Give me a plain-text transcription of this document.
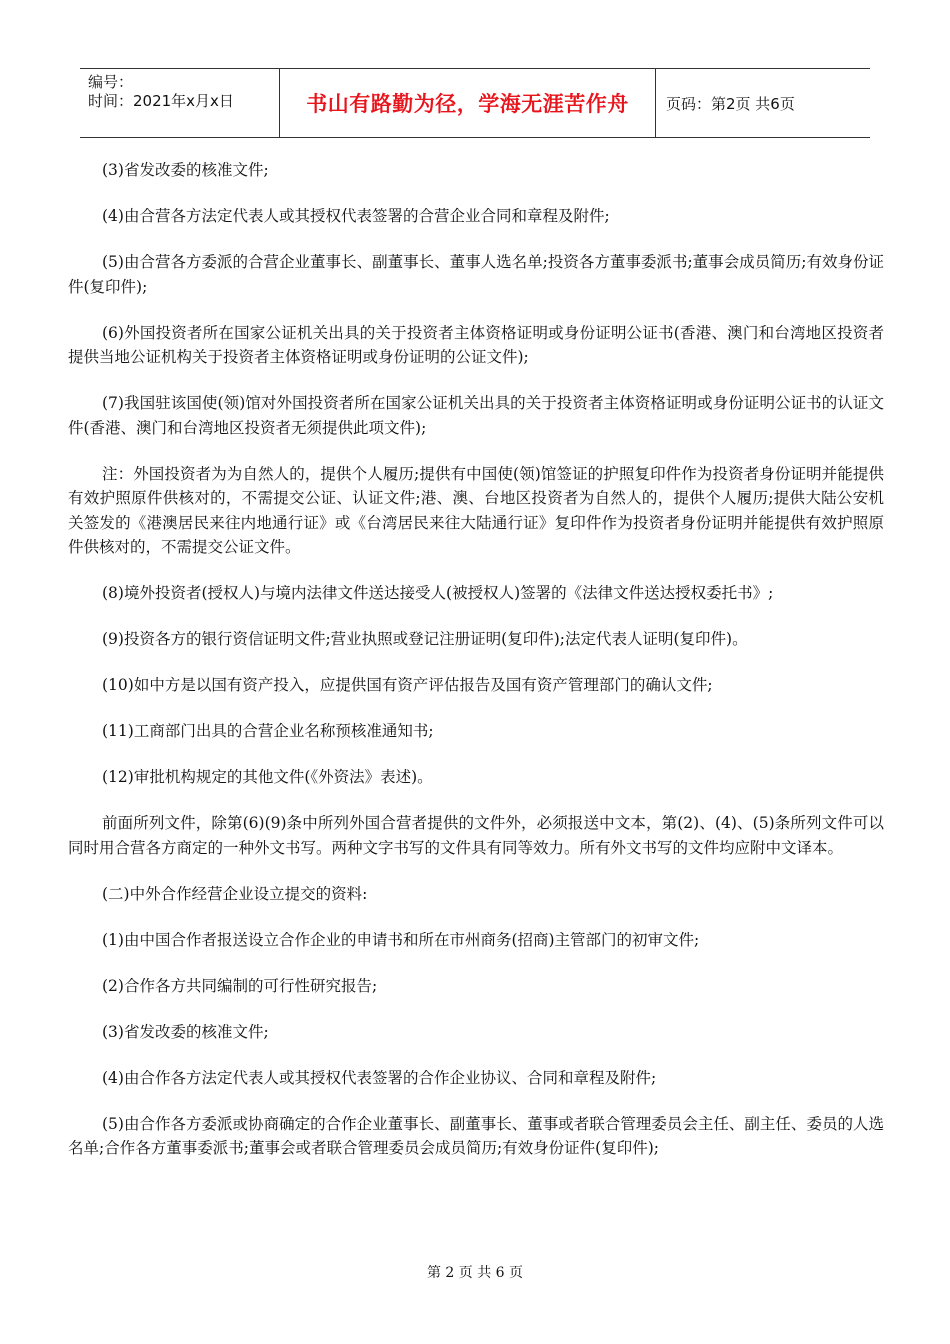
编号：
时间：2021年x月x日	书山有路勤为径，学海无涯苦作舟	页码：第2页 共6页

(3)省发改委的核准文件;

(4)由合营各方法定代表人或其授权代表签署的合营企业合同和章程及附件;

(5)由合营各方委派的合营企业董事长、副董事长、董事人选名单;投资各方董事委派书;董事会成员简历;有效身份证件(复印件);

(6)外国投资者所在国家公证机关出具的关于投资者主体资格证明或身份证明公证书(香港、澳门和台湾地区投资者提供当地公证机构关于投资者主体资格证明或身份证明的公证文件);

(7)我国驻该国使(领)馆对外国投资者所在国家公证机关出具的关于投资者主体资格证明或身份证明公证书的认证文件(香港、澳门和台湾地区投资者无须提供此项文件);

注：外国投资者为为自然人的，提供个人履历;提供有中国使(领)馆签证的护照复印件作为投资者身份证明并能提供有效护照原件供核对的，不需提交公证、认证文件;港、澳、台地区投资者为自然人的，提供个人履历;提供大陆公安机关签发的《港澳居民来往内地通行证》或《台湾居民来往大陆通行证》复印件作为投资者身份证明并能提供有效护照原件供核对的，不需提交公证文件。

(8)境外投资者(授权人)与境内法律文件送达接受人(被授权人)签署的《法律文件送达授权委托书》;

(9)投资各方的银行资信证明文件;营业执照或登记注册证明(复印件);法定代表人证明(复印件)。

(10)如中方是以国有资产投入，应提供国有资产评估报告及国有资产管理部门的确认文件;

(11)工商部门出具的合营企业名称预核准通知书;

(12)审批机构规定的其他文件(《外资法》表述)。

前面所列文件，除第(6)(9)条中所列外国合营者提供的文件外，必须报送中文本，第(2)、(4)、(5)条所列文件可以同时用合营各方商定的一种外文书写。两种文字书写的文件具有同等效力。所有外文书写的文件均应附中文译本。

(二)中外合作经营企业设立提交的资料:

(1)由中国合作者报送设立合作企业的申请书和所在市州商务(招商)主管部门的初审文件;

(2)合作各方共同编制的可行性研究报告;

(3)省发改委的核准文件;

(4)由合作各方法定代表人或其授权代表签署的合作企业协议、合同和章程及附件;

(5)由合作各方委派或协商确定的合作企业董事长、副董事长、董事或者联合管理委员会主任、副主任、委员的人选名单;合作各方董事委派书;董事会或者联合管理委员会成员简历;有效身份证件(复印件);

第 2 页 共 6 页
